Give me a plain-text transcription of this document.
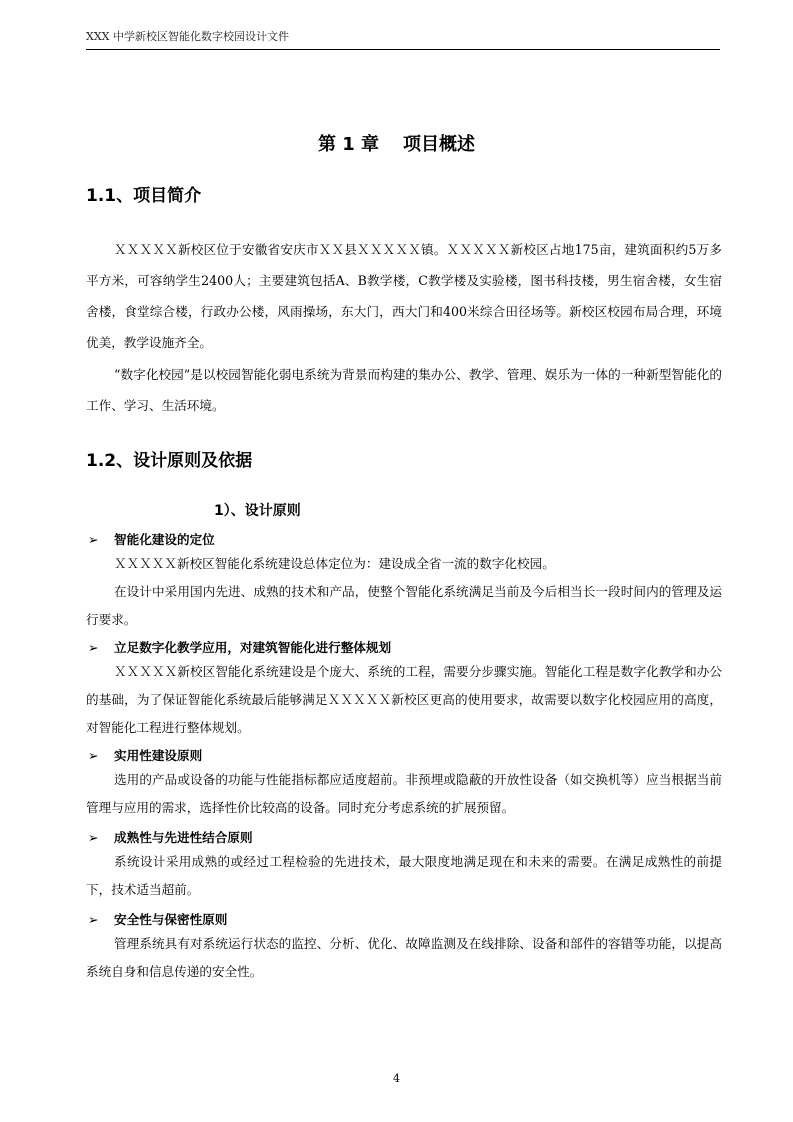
XXX 中学新校区智能化数字校园设计文件
第 1 章 项目概述
1.1、项目简介

ＸＸＸＸＸ新校区位于安徽省安庆市ＸＸ县ＸＸＸＸＸ镇。ＸＸＸＸＸ新校区占地175亩，建筑面积约5万多平方米，可容纳学生2400人；主要建筑包括A、B教学楼，C教学楼及实验楼，图书科技楼，男生宿舍楼，女生宿舍楼，食堂综合楼，行政办公楼，风雨操场，东大门，西大门和400米综合田径场等。新校区校园布局合理，环境优美，教学设施齐全。

“数字化校园”是以校园智能化弱电系统为背景而构建的集办公、教学、管理、娱乐为一体的一种新型智能化的工作、学习、生活环境。

1.2、设计原则及依据
1）、设计原则
➢ 智能化建设的定位

ＸＸＸＸＸ新校区智能化系统建设总体定位为：建设成全省一流的数字化校园。

在设计中采用国内先进、成熟的技术和产品，使整个智能化系统满足当前及今后相当长一段时间内的管理及运行要求。

➢ 立足数字化教学应用，对建筑智能化进行整体规划

ＸＸＸＸＸ新校区智能化系统建设是个庞大、系统的工程，需要分步骤实施。智能化工程是数字化教学和办公的基础，为了保证智能化系统最后能够满足ＸＸＸＸＸ新校区更高的使用要求，故需要以数字化校园应用的高度，对智能化工程进行整体规划。

➢ 实用性建设原则

选用的产品或设备的功能与性能指标都应适度超前。非预埋或隐蔽的开放性设备（如交换机等）应当根据当前管理与应用的需求，选择性价比较高的设备。同时充分考虑系统的扩展预留。

➢ 成熟性与先进性结合原则

系统设计采用成熟的或经过工程检验的先进技术，最大限度地满足现在和未来的需要。在满足成熟性的前提下，技术适当超前。

➢ 安全性与保密性原则

管理系统具有对系统运行状态的监控、分析、优化、故障监测及在线排除、设备和部件的容错等功能，以提高系统自身和信息传递的安全性。

4
